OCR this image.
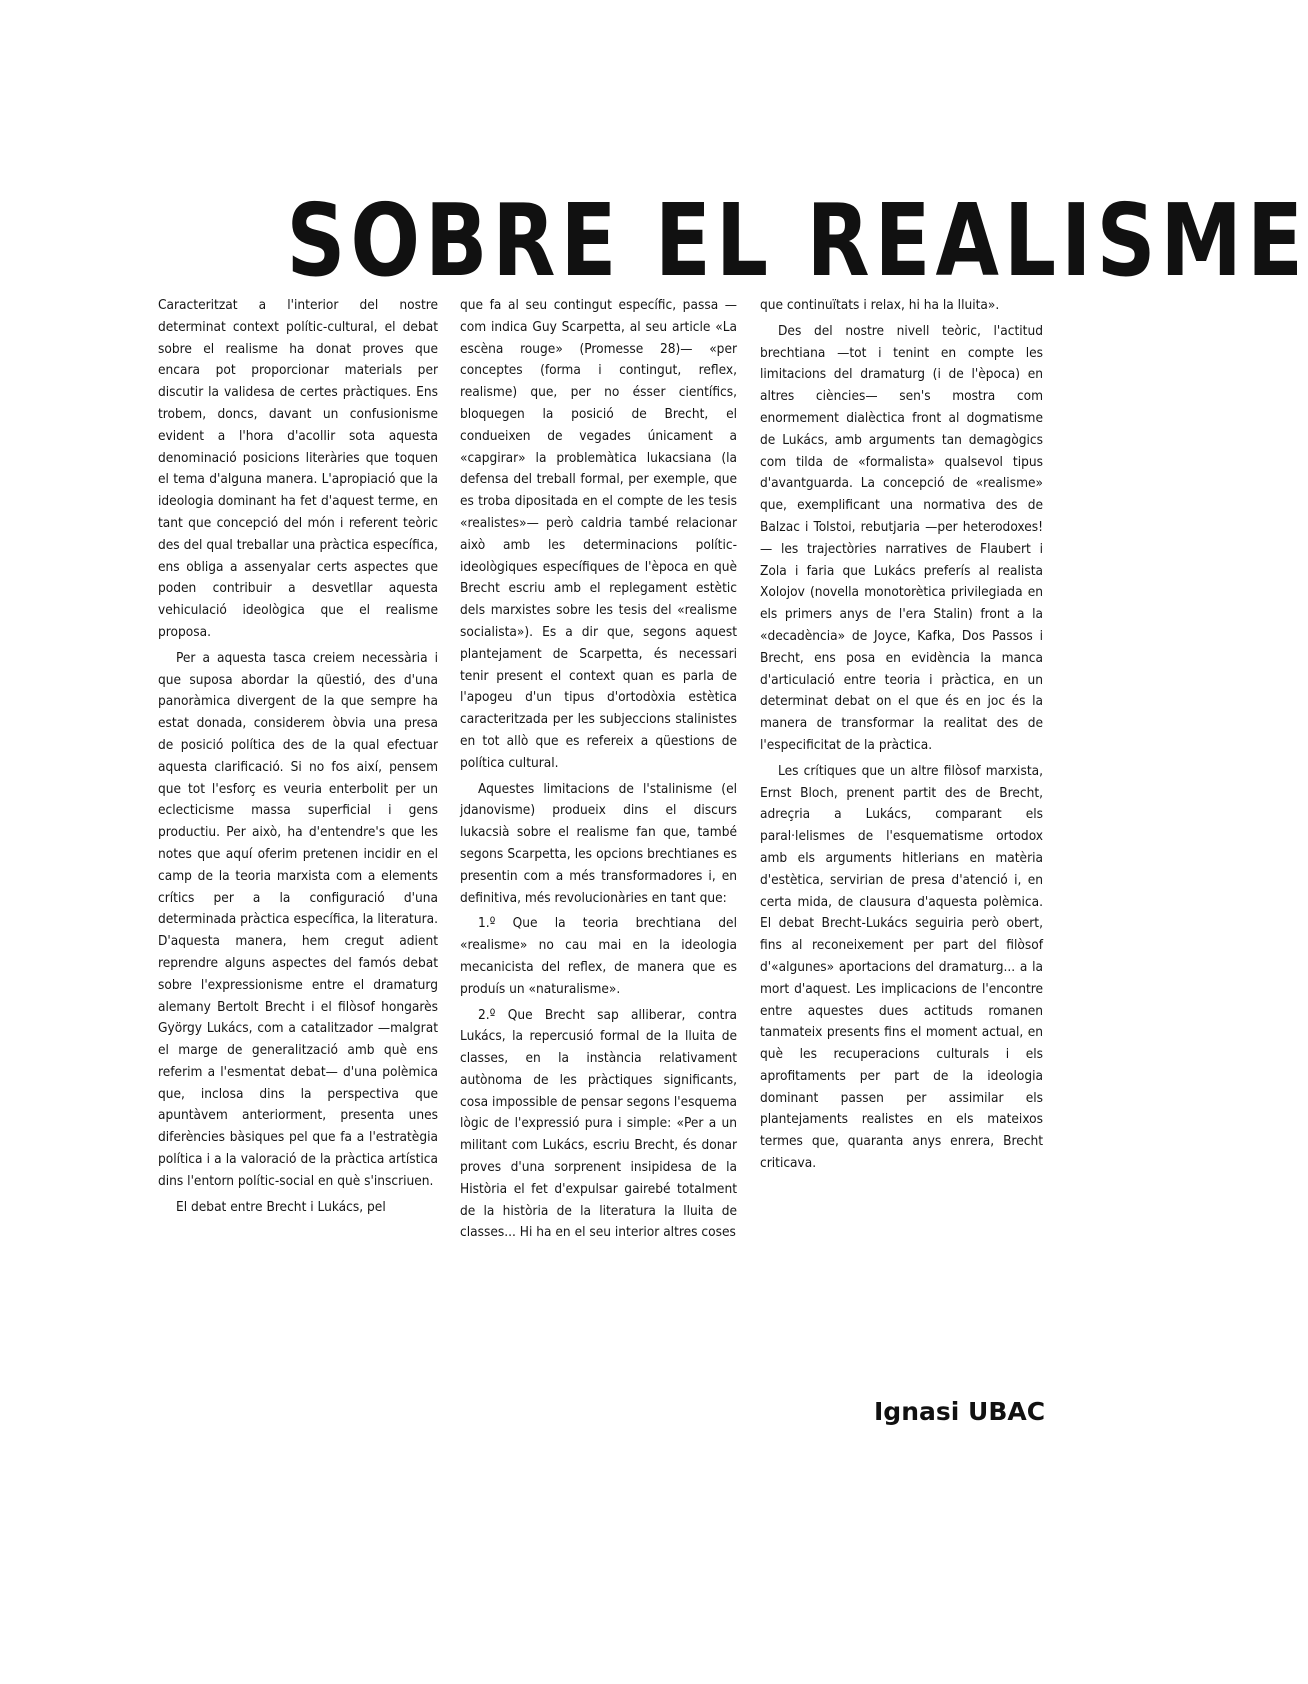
SOBRE EL REALISME

Caracteritzat a l'interior del nostre determinat context polític-cultural, el debat sobre el realisme ha donat proves que encara pot proporcionar materials per discutir la validesa de certes pràctiques. Ens trobem, doncs, davant un confusionisme evident a l'hora d'acollir sota aquesta denominació posicions literàries que toquen el tema d'alguna manera. L'apropiació que la ideologia dominant ha fet d'aquest terme, en tant que concepció del món i referent teòric des del qual treballar una pràctica específica, ens obliga a assenyalar certs aspectes que poden contribuir a desvetllar aquesta vehiculació ideològica que el realisme proposa.

Per a aquesta tasca creiem necessària i que suposa abordar la qüestió, des d'una panoràmica divergent de la que sempre ha estat donada, considerem òbvia una presa de posició política des de la qual efectuar aquesta clarificació. Si no fos així, pensem que tot l'esforç es veuria enterbolit per un eclecticisme massa superficial i gens productiu. Per això, ha d'entendre's que les notes que aquí oferim pretenen incidir en el camp de la teoria marxista com a elements crítics per a la configuració d'una determinada pràctica específica, la literatura. D'aquesta manera, hem cregut adient reprendre alguns aspectes del famós debat sobre l'expressionisme entre el dramaturg alemany Bertolt Brecht i el filòsof hongarès György Lukács, com a catalitzador —malgrat el marge de generalització amb què ens referim a l'esmentat debat— d'una polèmica que, inclosa dins la perspectiva que apuntàvem anteriorment, presenta unes diferències bàsiques pel que fa a l'estratègia política i a la valoració de la pràctica artística dins l'entorn polític-social en què s'inscriuen.

El debat entre Brecht i Lukács, pel

que fa al seu contingut específic, passa —com indica Guy Scarpetta, al seu article «La escèna rouge» (Promesse 28)— «per conceptes (forma i contingut, reflex, realisme) que, per no ésser científics, bloquegen la posició de Brecht, el condueixen de vegades únicament a «capgirar» la problemàtica lukacsiana (la defensa del treball formal, per exemple, que es troba dipositada en el compte de les tesis «realistes»— però caldria també relacionar això amb les determinacions polític-ideològiques específiques de l'època en què Brecht escriu amb el replegament estètic dels marxistes sobre les tesis del «realisme socialista»). Es a dir que, segons aquest plantejament de Scarpetta, és necessari tenir present el context quan es parla de l'apogeu d'un tipus d'ortodòxia estètica caracteritzada per les subjeccions stalinistes en tot allò que es refereix a qüestions de política cultural.

Aquestes limitacions de l'stalinisme (el jdanovisme) produeix dins el discurs lukacsià sobre el realisme fan que, també segons Scarpetta, les opcions brechtianes es presentin com a més transformadores i, en definitiva, més revolucionàries en tant que:

1.º Que la teoria brechtiana del «realisme» no cau mai en la ideologia mecanicista del reflex, de manera que es produís un «naturalisme».

2.º Que Brecht sap alliberar, contra Lukács, la repercusió formal de la lluita de classes, en la instància relativament autònoma de les pràctiques significants, cosa impossible de pensar segons l'esquema lògic de l'expressió pura i simple: «Per a un militant com Lukács, escriu Brecht, és donar proves d'una sorprenent insipidesa de la Història el fet d'expulsar gairebé totalment de la història de la literatura la lluita de classes... Hi ha en el seu interior altres coses

que continuïtats i relax, hi ha la lluita».

Des del nostre nivell teòric, l'actitud brechtiana —tot i tenint en compte les limitacions del dramaturg (i de l'època) en altres ciències— sen's mostra com enormement dialèctica front al dogmatisme de Lukács, amb arguments tan demagògics com tilda de «formalista» qualsevol tipus d'avantguarda. La concepció de «realisme» que, exemplificant una normativa des de Balzac i Tolstoi, rebutjaria —per heterodoxes!— les trajectòries narratives de Flaubert i Zola i faria que Lukács preferís al realista Xolojov (novella monotorètica privilegiada en els primers anys de l'era Stalin) front a la «decadència» de Joyce, Kafka, Dos Passos i Brecht, ens posa en evidència la manca d'articulació entre teoria i pràctica, en un determinat debat on el que és en joc és la manera de transformar la realitat des de l'especificitat de la pràctica.

Les crítiques que un altre filòsof marxista, Ernst Bloch, prenent partit des de Brecht, adreçria a Lukács, comparant els paral·lelismes de l'esquematisme ortodox amb els arguments hitlerians en matèria d'estètica, servirian de presa d'atenció i, en certa mida, de clausura d'aquesta polèmica. El debat Brecht-Lukács seguiria però obert, fins al reconeixement per part del filòsof d'«algunes» aportacions del dramaturg... a la mort d'aquest. Les implicacions de l'encontre entre aquestes dues actituds romanen tanmateix presents fins el moment actual, en què les recuperacions culturals i els aprofitaments per part de la ideologia dominant passen per assimilar els plantejaments realistes en els mateixos termes que, quaranta anys enrera, Brecht criticava.

Ignasi UBAC
